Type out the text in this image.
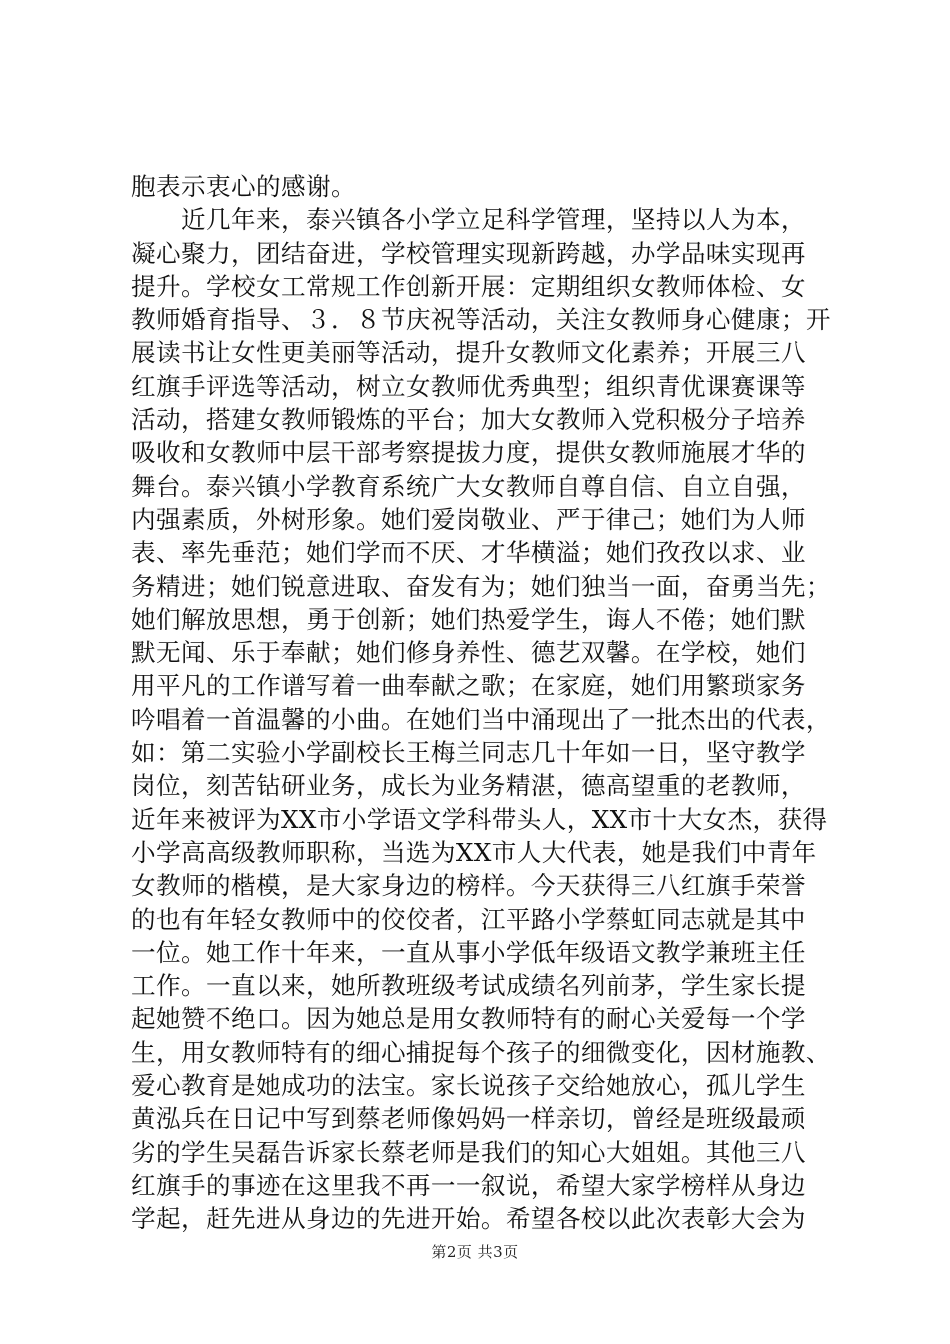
胞表示衷心的感谢。
　　近几年来，泰兴镇各小学立足科学管理，坚持以人为本，
凝心聚力，团结奋进，学校管理实现新跨越，办学品味实现再
提升。学校女工常规工作创新开展：定期组织女教师体检、女
教师婚育指导、３．８节庆祝等活动，关注女教师身心健康；开
展读书让女性更美丽等活动，提升女教师文化素养；开展三八
红旗手评选等活动，树立女教师优秀典型；组织青优课赛课等
活动，搭建女教师锻炼的平台；加大女教师入党积极分子培养
吸收和女教师中层干部考察提拔力度，提供女教师施展才华的
舞台。泰兴镇小学教育系统广大女教师自尊自信、自立自强，
内强素质，外树形象。她们爱岗敬业、严于律己；她们为人师
表、率先垂范；她们学而不厌、才华横溢；她们孜孜以求、业
务精进；她们锐意进取、奋发有为；她们独当一面，奋勇当先；
她们解放思想，勇于创新；她们热爱学生，诲人不倦；她们默
默无闻、乐于奉献；她们修身养性、德艺双馨。在学校，她们
用平凡的工作谱写着一曲奉献之歌；在家庭，她们用繁琐家务
吟唱着一首温馨的小曲。在她们当中涌现出了一批杰出的代表，
如：第二实验小学副校长王梅兰同志几十年如一日，坚守教学
岗位，刻苦钻研业务，成长为业务精湛，德高望重的老教师，
近年来被评为XX市小学语文学科带头人，XX市十大女杰，获得
小学高高级教师职称，当选为XX市人大代表，她是我们中青年
女教师的楷模，是大家身边的榜样。今天获得三八红旗手荣誉
的也有年轻女教师中的佼佼者，江平路小学蔡虹同志就是其中
一位。她工作十年来，一直从事小学低年级语文教学兼班主任
工作。一直以来，她所教班级考试成绩名列前茅，学生家长提
起她赞不绝口。因为她总是用女教师特有的耐心关爱每一个学
生，用女教师特有的细心捕捉每个孩子的细微变化，因材施教、
爱心教育是她成功的法宝。家长说孩子交给她放心，孤儿学生
黄泓兵在日记中写到蔡老师像妈妈一样亲切，曾经是班级最顽
劣的学生吴磊告诉家长蔡老师是我们的知心大姐姐。其他三八
红旗手的事迹在这里我不再一一叙说，希望大家学榜样从身边
学起，赶先进从身边的先进开始。希望各校以此次表彰大会为
第2页 共3页
